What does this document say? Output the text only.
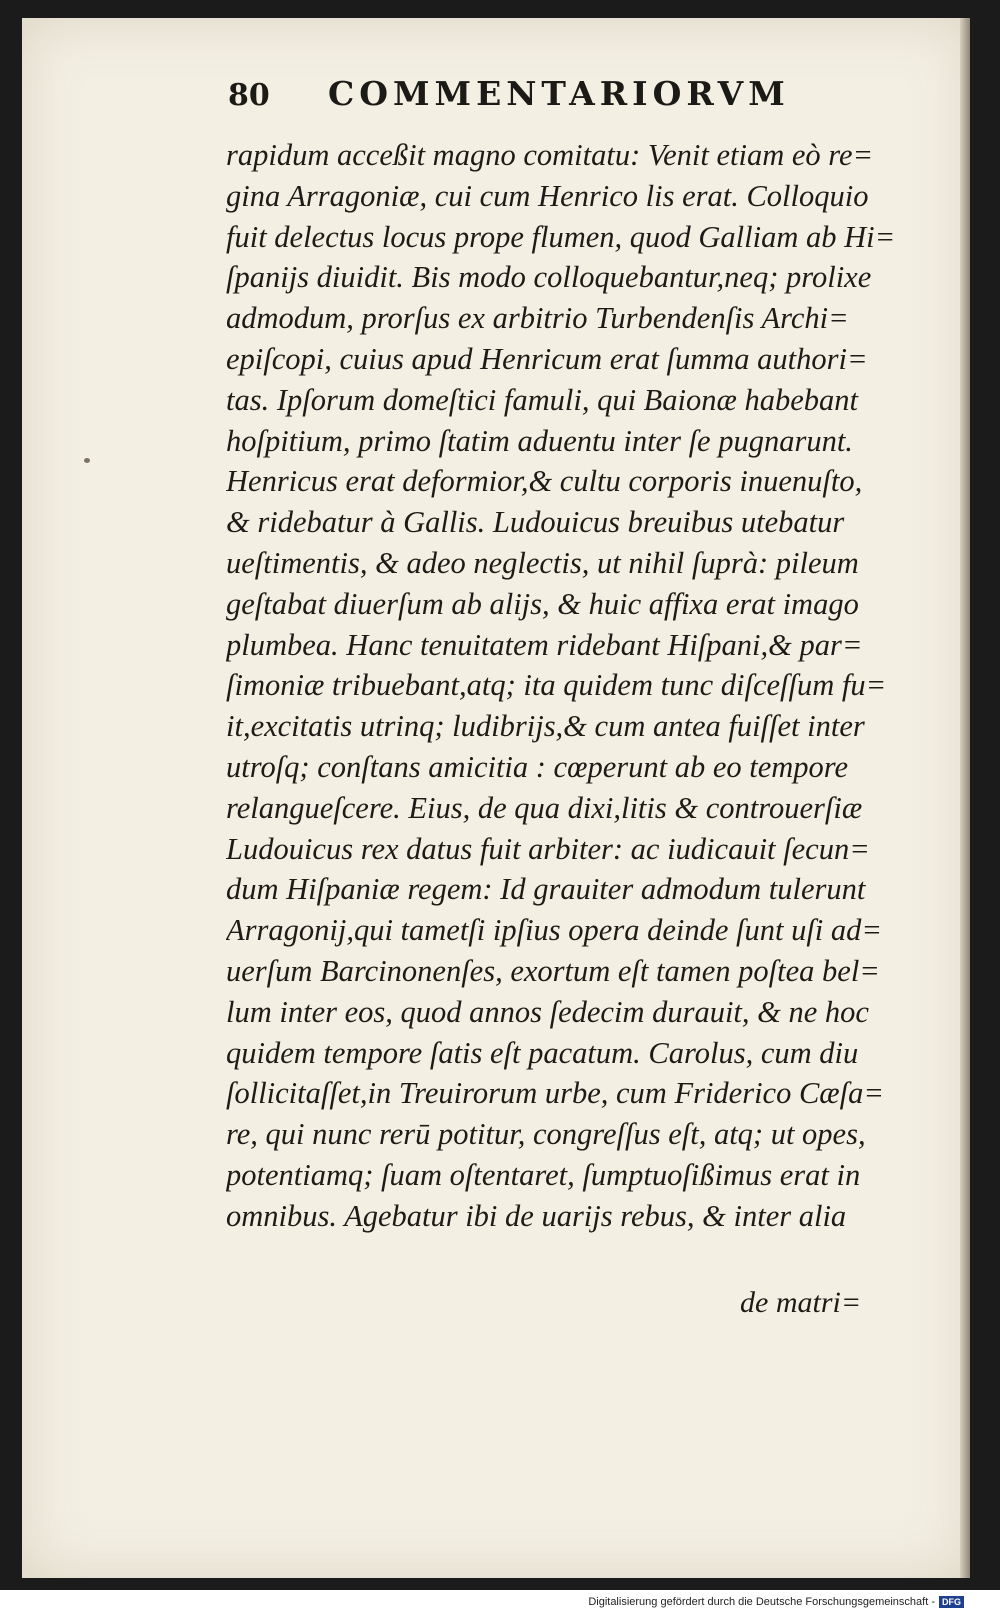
80 COMMENTARIORVM
rapidum acceßit magno comitatu: Venit etiam eò re=
gina Arragoniæ, cui cum Henrico lis erat. Colloquio
fuit delectus locus prope flumen, quod Galliam ab Hi=
ſpanijs diuidit. Bis modo colloquebantur,neq; prolixe
admodum, prorſus ex arbitrio Turbendenſis Archi=
epiſcopi, cuius apud Henricum erat ſumma authori=
tas. Ipſorum domeſtici famuli, qui Baionæ habebant
hoſpitium, primo ſtatim aduentu inter ſe pugnarunt.
Henricus erat deformior,& cultu corporis inuenuſto,
& ridebatur à Gallis. Ludouicus breuibus utebatur
ueſtimentis, & adeo neglectis, ut nihil ſuprà: pileum
geſtabat diuerſum ab alijs, & huic affixa erat imago
plumbea. Hanc tenuitatem ridebant Hiſpani,& par=
ſimoniæ tribuebant,atq; ita quidem tunc diſceſſum fu=
it,excitatis utrinq; ludibrijs,& cum antea fuiſſet inter
utroſq; conſtans amicitia : cœperunt ab eo tempore
relangueſcere. Eius, de qua dixi,litis & controuerſiæ
Ludouicus rex datus fuit arbiter: ac iudicauit ſecun=
dum Hiſpaniæ regem: Id grauiter admodum tulerunt
Arragonij,qui tametſi ipſius opera deinde ſunt uſi ad=
uerſum Barcinonenſes, exortum eſt tamen poſtea bel=
lum inter eos, quod annos ſedecim durauit, & ne hoc
quidem tempore ſatis eſt pacatum. Carolus, cum diu
ſollicitaſſet,in Treuirorum urbe, cum Friderico Cæſa=
re, qui nunc rerū potitur, congreſſus eſt, atq; ut opes,
potentiamq; ſuam oſtentaret, ſumptuoſißimus erat in
omnibus. Agebatur ibi de uarijs rebus, & inter alia
de matri=
Digitalisierung gefördert durch die Deutsche Forschungsgemeinschaft - DFG
